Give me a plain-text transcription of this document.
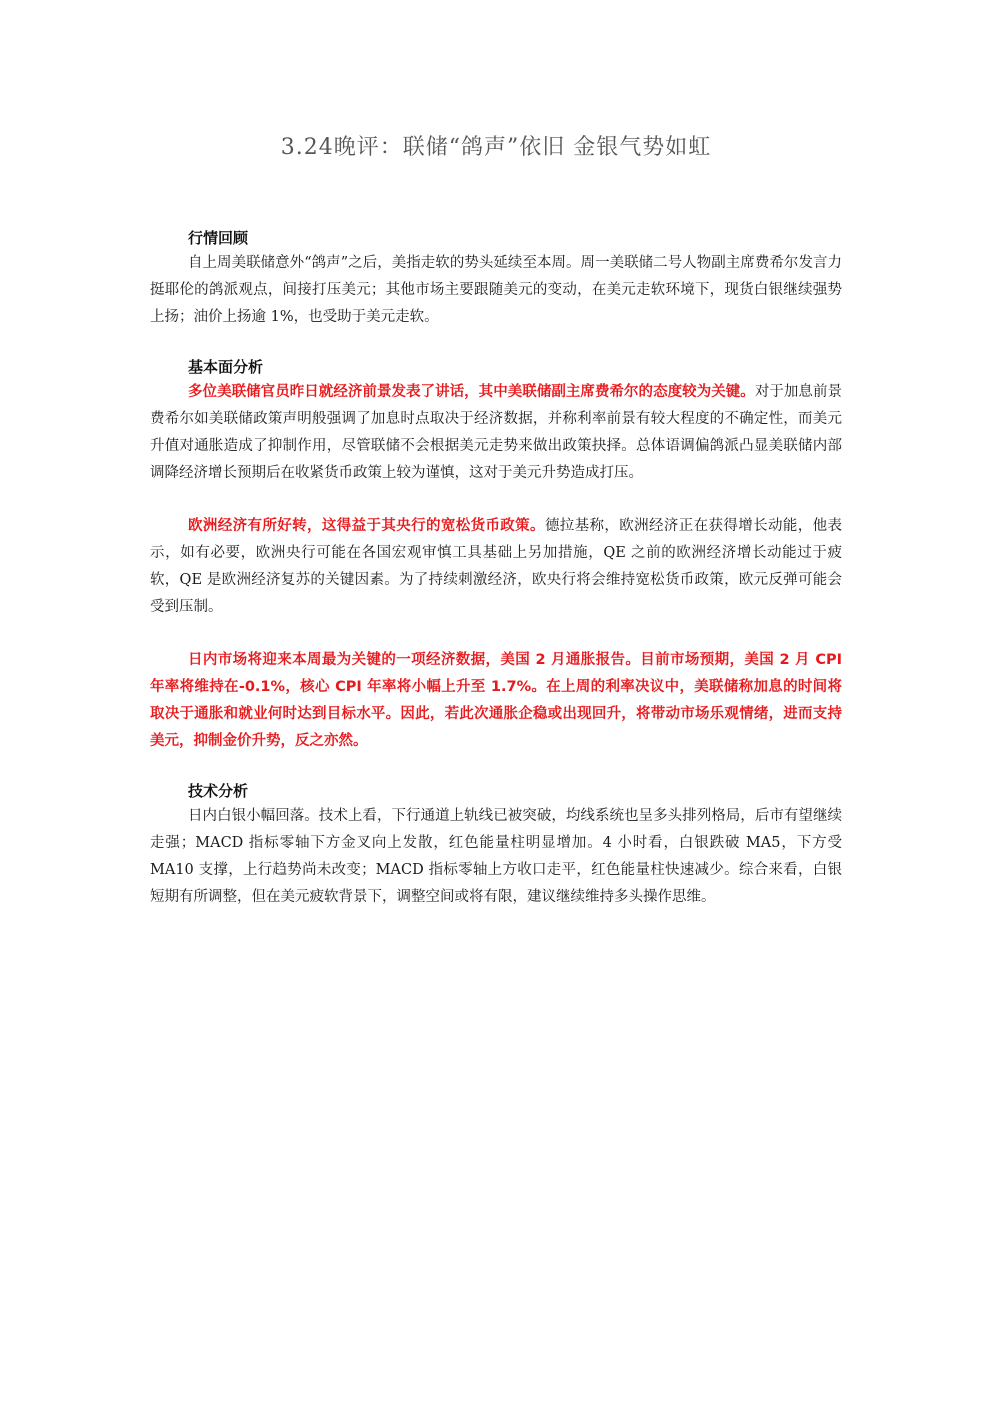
3.24晚评：联储“鸽声”依旧 金银气势如虹

行情回顾

自上周美联储意外“鸽声”之后，美指走软的势头延续至本周。周一美联储二号人物副主席费希尔发言力挺耶伦的鸽派观点，间接打压美元；其他市场主要跟随美元的变动，在美元走软环境下，现货白银继续强势上扬；油价上扬逾 1%，也受助于美元走软。

基本面分析

多位美联储官员昨日就经济前景发表了讲话，其中美联储副主席费希尔的态度较为关键。对于加息前景费希尔如美联储政策声明般强调了加息时点取决于经济数据，并称利率前景有较大程度的不确定性，而美元升值对通胀造成了抑制作用，尽管联储不会根据美元走势来做出政策抉择。总体语调偏鸽派凸显美联储内部调降经济增长预期后在收紧货币政策上较为谨慎，这对于美元升势造成打压。

欧洲经济有所好转，这得益于其央行的宽松货币政策。德拉基称，欧洲经济正在获得增长动能，他表示，如有必要，欧洲央行可能在各国宏观审慎工具基础上另加措施，QE 之前的欧洲经济增长动能过于疲软，QE 是欧洲经济复苏的关键因素。为了持续刺激经济，欧央行将会维持宽松货币政策，欧元反弹可能会受到压制。

日内市场将迎来本周最为关键的一项经济数据，美国 2 月通胀报告。目前市场预期，美国 2 月 CPI 年率将维持在-0.1%，核心 CPI 年率将小幅上升至 1.7%。在上周的利率决议中，美联储称加息的时间将取决于通胀和就业何时达到目标水平。因此，若此次通胀企稳或出现回升，将带动市场乐观情绪，进而支持美元，抑制金价升势，反之亦然。

技术分析

日内白银小幅回落。技术上看，下行通道上轨线已被突破，均线系统也呈多头排列格局，后市有望继续走强；MACD 指标零轴下方金叉向上发散，红色能量柱明显增加。4 小时看，白银跌破 MA5，下方受 MA10 支撑，上行趋势尚未改变；MACD 指标零轴上方收口走平，红色能量柱快速减少。综合来看，白银短期有所调整，但在美元疲软背景下，调整空间或将有限，建议继续维持多头操作思维。
